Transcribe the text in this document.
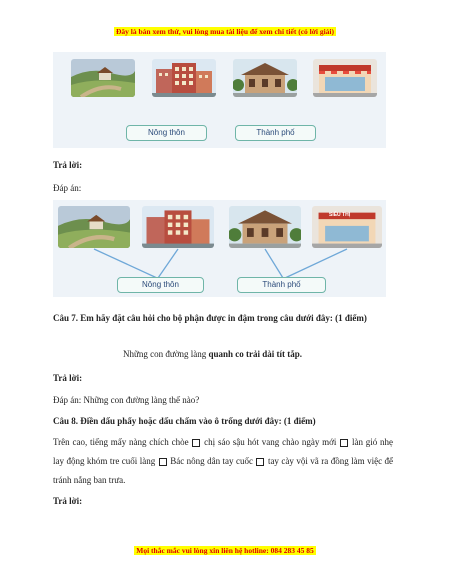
Đây là bản xem thử, vui lòng mua tài liệu để xem chi tiết (có lời giải)
Nông thôn	Thành phố
Trả lời:
Đáp án:
SIÊU THỊ
Nông thôn	Thành phố
Câu 7. Em hãy đặt câu hỏi cho bộ phận được in đậm trong câu dưới đây: (1 điểm)
Những con đường làng quanh co trải dài tít tắp.
Trả lời:
Đáp án: Những con đường làng thế nào?
Câu 8. Điền dấu phẩy hoặc dấu chấm vào ô trống dưới đây: (1 điểm)
Trên cao, tiếng mấy nàng chích chòe chị sáo sậu hót vang chào ngày mới làn gió nhẹ lay động khóm tre cuối làng Bác nông dân tay cuốc tay cày vội vã ra đồng làm việc để tránh nắng ban trưa.
Trả lời:
Mọi thắc mắc vui lòng xin liên hệ hotline: 084 283 45 85
